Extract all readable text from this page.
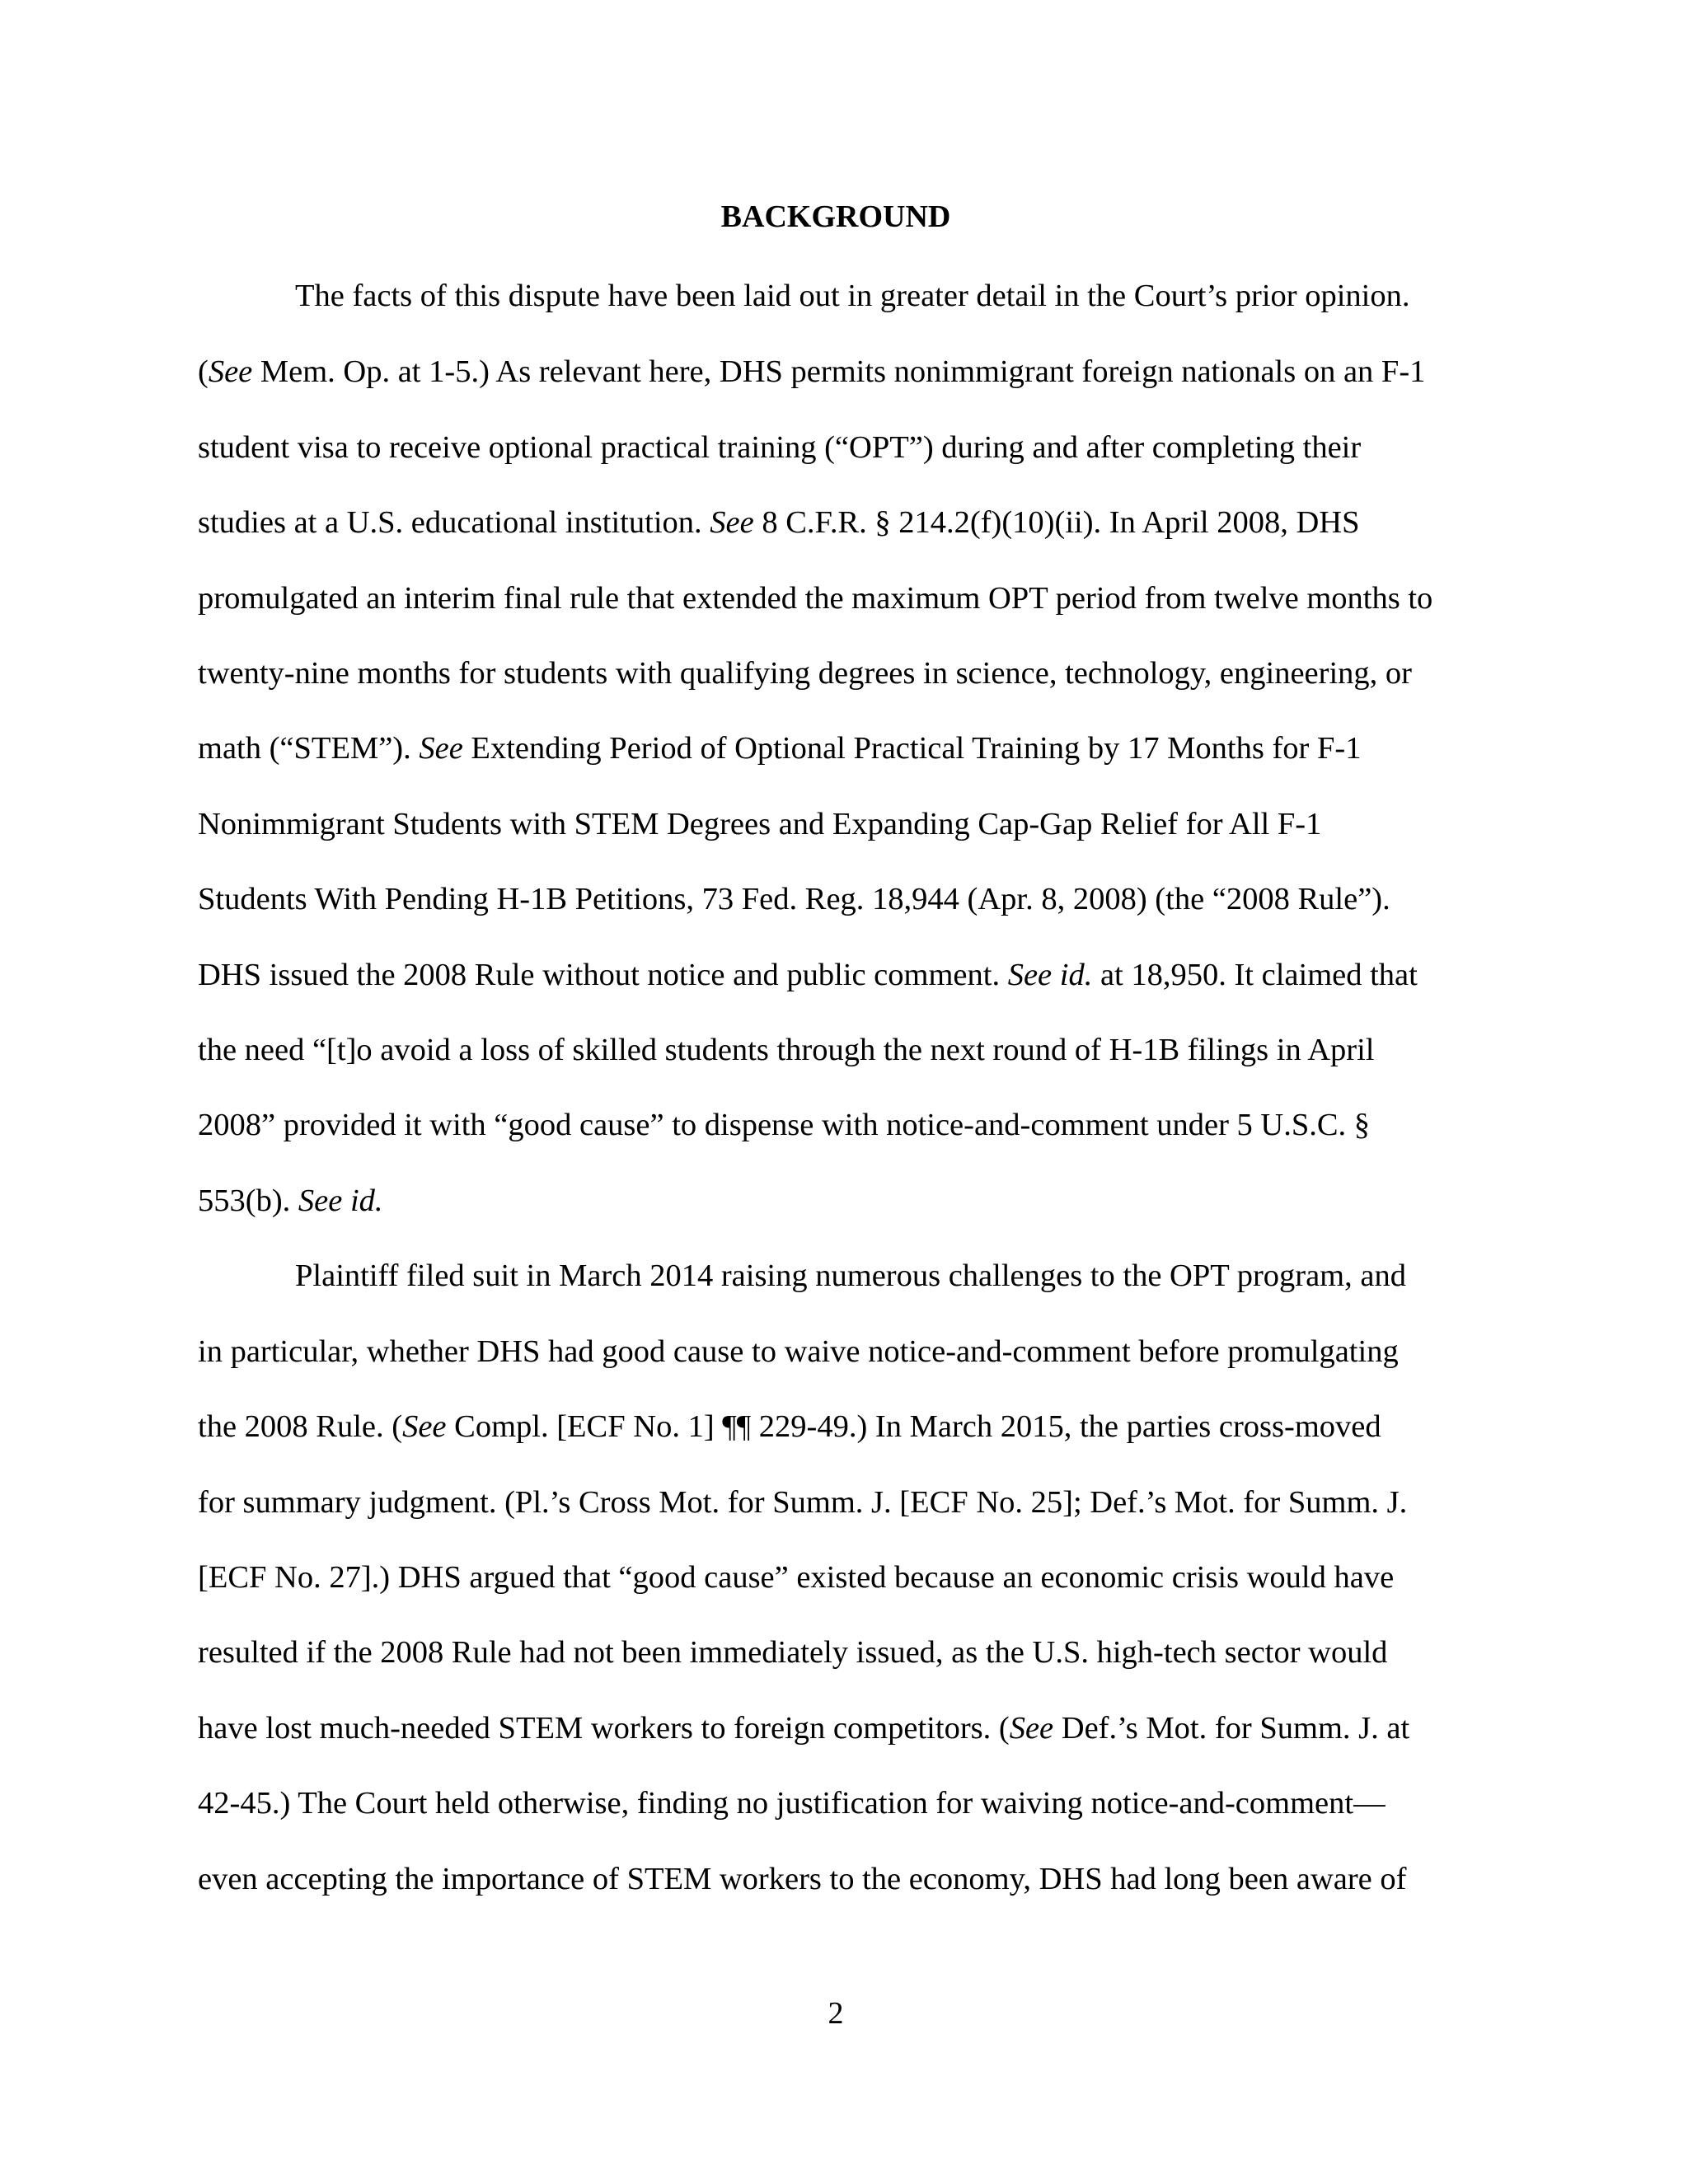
BACKGROUND
The facts of this dispute have been laid out in greater detail in the Court’s prior opinion.
(See Mem. Op. at 1-5.) As relevant here, DHS permits nonimmigrant foreign nationals on an F-1
student visa to receive optional practical training (“OPT”) during and after completing their
studies at a U.S. educational institution. See 8 C.F.R. § 214.2(f)(10)(ii). In April 2008, DHS
promulgated an interim final rule that extended the maximum OPT period from twelve months to
twenty-nine months for students with qualifying degrees in science, technology, engineering, or
math (“STEM”). See Extending Period of Optional Practical Training by 17 Months for F-1
Nonimmigrant Students with STEM Degrees and Expanding Cap-Gap Relief for All F-1
Students With Pending H-1B Petitions, 73 Fed. Reg. 18,944 (Apr. 8, 2008) (the “2008 Rule”).
DHS issued the 2008 Rule without notice and public comment. See id. at 18,950. It claimed that
the need “[t]o avoid a loss of skilled students through the next round of H-1B filings in April
2008” provided it with “good cause” to dispense with notice-and-comment under 5 U.S.C. §
553(b). See id.
Plaintiff filed suit in March 2014 raising numerous challenges to the OPT program, and
in particular, whether DHS had good cause to waive notice-and-comment before promulgating
the 2008 Rule. (See Compl. [ECF No. 1] ¶¶ 229-49.) In March 2015, the parties cross-moved
for summary judgment. (Pl.’s Cross Mot. for Summ. J. [ECF No. 25]; Def.’s Mot. for Summ. J.
[ECF No. 27].) DHS argued that “good cause” existed because an economic crisis would have
resulted if the 2008 Rule had not been immediately issued, as the U.S. high-tech sector would
have lost much-needed STEM workers to foreign competitors. (See Def.’s Mot. for Summ. J. at
42-45.) The Court held otherwise, finding no justification for waiving notice-and-comment—
even accepting the importance of STEM workers to the economy, DHS had long been aware of
2
